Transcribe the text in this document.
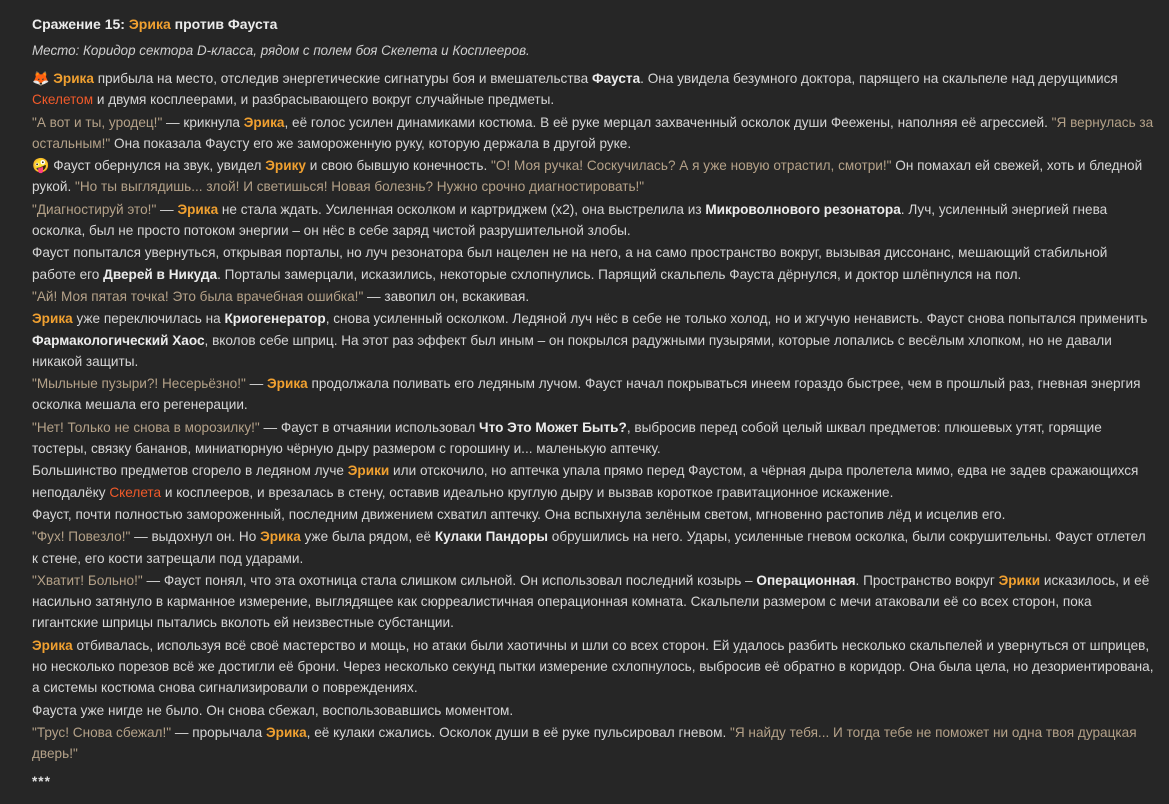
Сражение 15: Эрика против Фауста
Место: Коридор сектора D-класса, рядом с полем боя Скелета и Косплееров.

🦊 Эрика прибыла на место, отследив энергетические сигнатуры боя и вмешательства Фауста. Она увидела безумного доктора, парящего на скальпеле над дерущимися Скелетом и двумя косплеерами, и разбрасывающего вокруг случайные предметы.

"А вот и ты, уродец!" — крикнула Эрика, её голос усилен динамиками костюма. В её руке мерцал захваченный осколок души Феежены, наполняя её агрессией. "Я вернулась за остальным!" Она показала Фаусту его же замороженную руку, которую держала в другой руке.

🤪 Фауст обернулся на звук, увидел Эрику и свою бывшую конечность. "О! Моя ручка! Соскучилась? А я уже новую отрастил, смотри!" Он помахал ей свежей, хоть и бледной рукой. "Но ты выглядишь... злой! И светишься! Новая болезнь? Нужно срочно диагностировать!"

"Диагностируй это!" — Эрика не стала ждать. Усиленная осколком и картриджем (x2), она выстрелила из Микроволнового резонатора. Луч, усиленный энергией гнева осколка, был не просто потоком энергии – он нёс в себе заряд чистой разрушительной злобы.

Фауст попытался увернуться, открывая порталы, но луч резонатора был нацелен не на него, а на само пространство вокруг, вызывая диссонанс, мешающий стабильной работе его Дверей в Никуда. Порталы замерцали, исказились, некоторые схлопнулись. Парящий скальпель Фауста дёрнулся, и доктор шлёпнулся на пол.

"Ай! Моя пятая точка! Это была врачебная ошибка!" — завопил он, вскакивая.

Эрика уже переключилась на Криогенератор, снова усиленный осколком. Ледяной луч нёс в себе не только холод, но и жгучую ненависть. Фауст снова попытался применить Фармакологический Хаос, вколов себе шприц. На этот раз эффект был иным – он покрылся радужными пузырями, которые лопались с весёлым хлопком, но не давали никакой защиты.

"Мыльные пузыри?! Несерьёзно!" — Эрика продолжала поливать его ледяным лучом. Фауст начал покрываться инеем гораздо быстрее, чем в прошлый раз, гневная энергия осколка мешала его регенерации.

"Нет! Только не снова в морозилку!" — Фауст в отчаянии использовал Что Это Может Быть?, выбросив перед собой целый шквал предметов: плюшевых утят, горящие тостеры, связку бананов, миниатюрную чёрную дыру размером с горошину и... маленькую аптечку.

Большинство предметов сгорело в ледяном луче Эрики или отскочило, но аптечка упала прямо перед Фаустом, а чёрная дыра пролетела мимо, едва не задев сражающихся неподалёку Скелета и косплееров, и врезалась в стену, оставив идеально круглую дыру и вызвав короткое гравитационное искажение.

Фауст, почти полностью замороженный, последним движением схватил аптечку. Она вспыхнула зелёным светом, мгновенно растопив лёд и исцелив его.

"Фух! Повезло!" — выдохнул он. Но Эрика уже была рядом, её Кулаки Пандоры обрушились на него. Удары, усиленные гневом осколка, были сокрушительны. Фауст отлетел к стене, его кости затрещали под ударами.

"Хватит! Больно!" — Фауст понял, что эта охотница стала слишком сильной. Он использовал последний козырь – Операционная. Пространство вокруг Эрики исказилось, и её насильно затянуло в карманное измерение, выглядящее как сюрреалистичная операционная комната. Скальпели размером с мечи атаковали её со всех сторон, пока гигантские шприцы пытались вколоть ей неизвестные субстанции.

Эрика отбивалась, используя всё своё мастерство и мощь, но атаки были хаотичны и шли со всех сторон. Ей удалось разбить несколько скальпелей и увернуться от шприцев, но несколько порезов всё же достигли её брони. Через несколько секунд пытки измерение схлопнулось, выбросив её обратно в коридор. Она была цела, но дезориентирована, а системы костюма снова сигнализировали о повреждениях.

Фауста уже нигде не было. Он снова сбежал, воспользовавшись моментом.

"Трус! Снова сбежал!" — прорычала Эрика, её кулаки сжались. Осколок души в её руке пульсировал гневом. "Я найду тебя... И тогда тебе не поможет ни одна твоя дурацкая дверь!"

***
